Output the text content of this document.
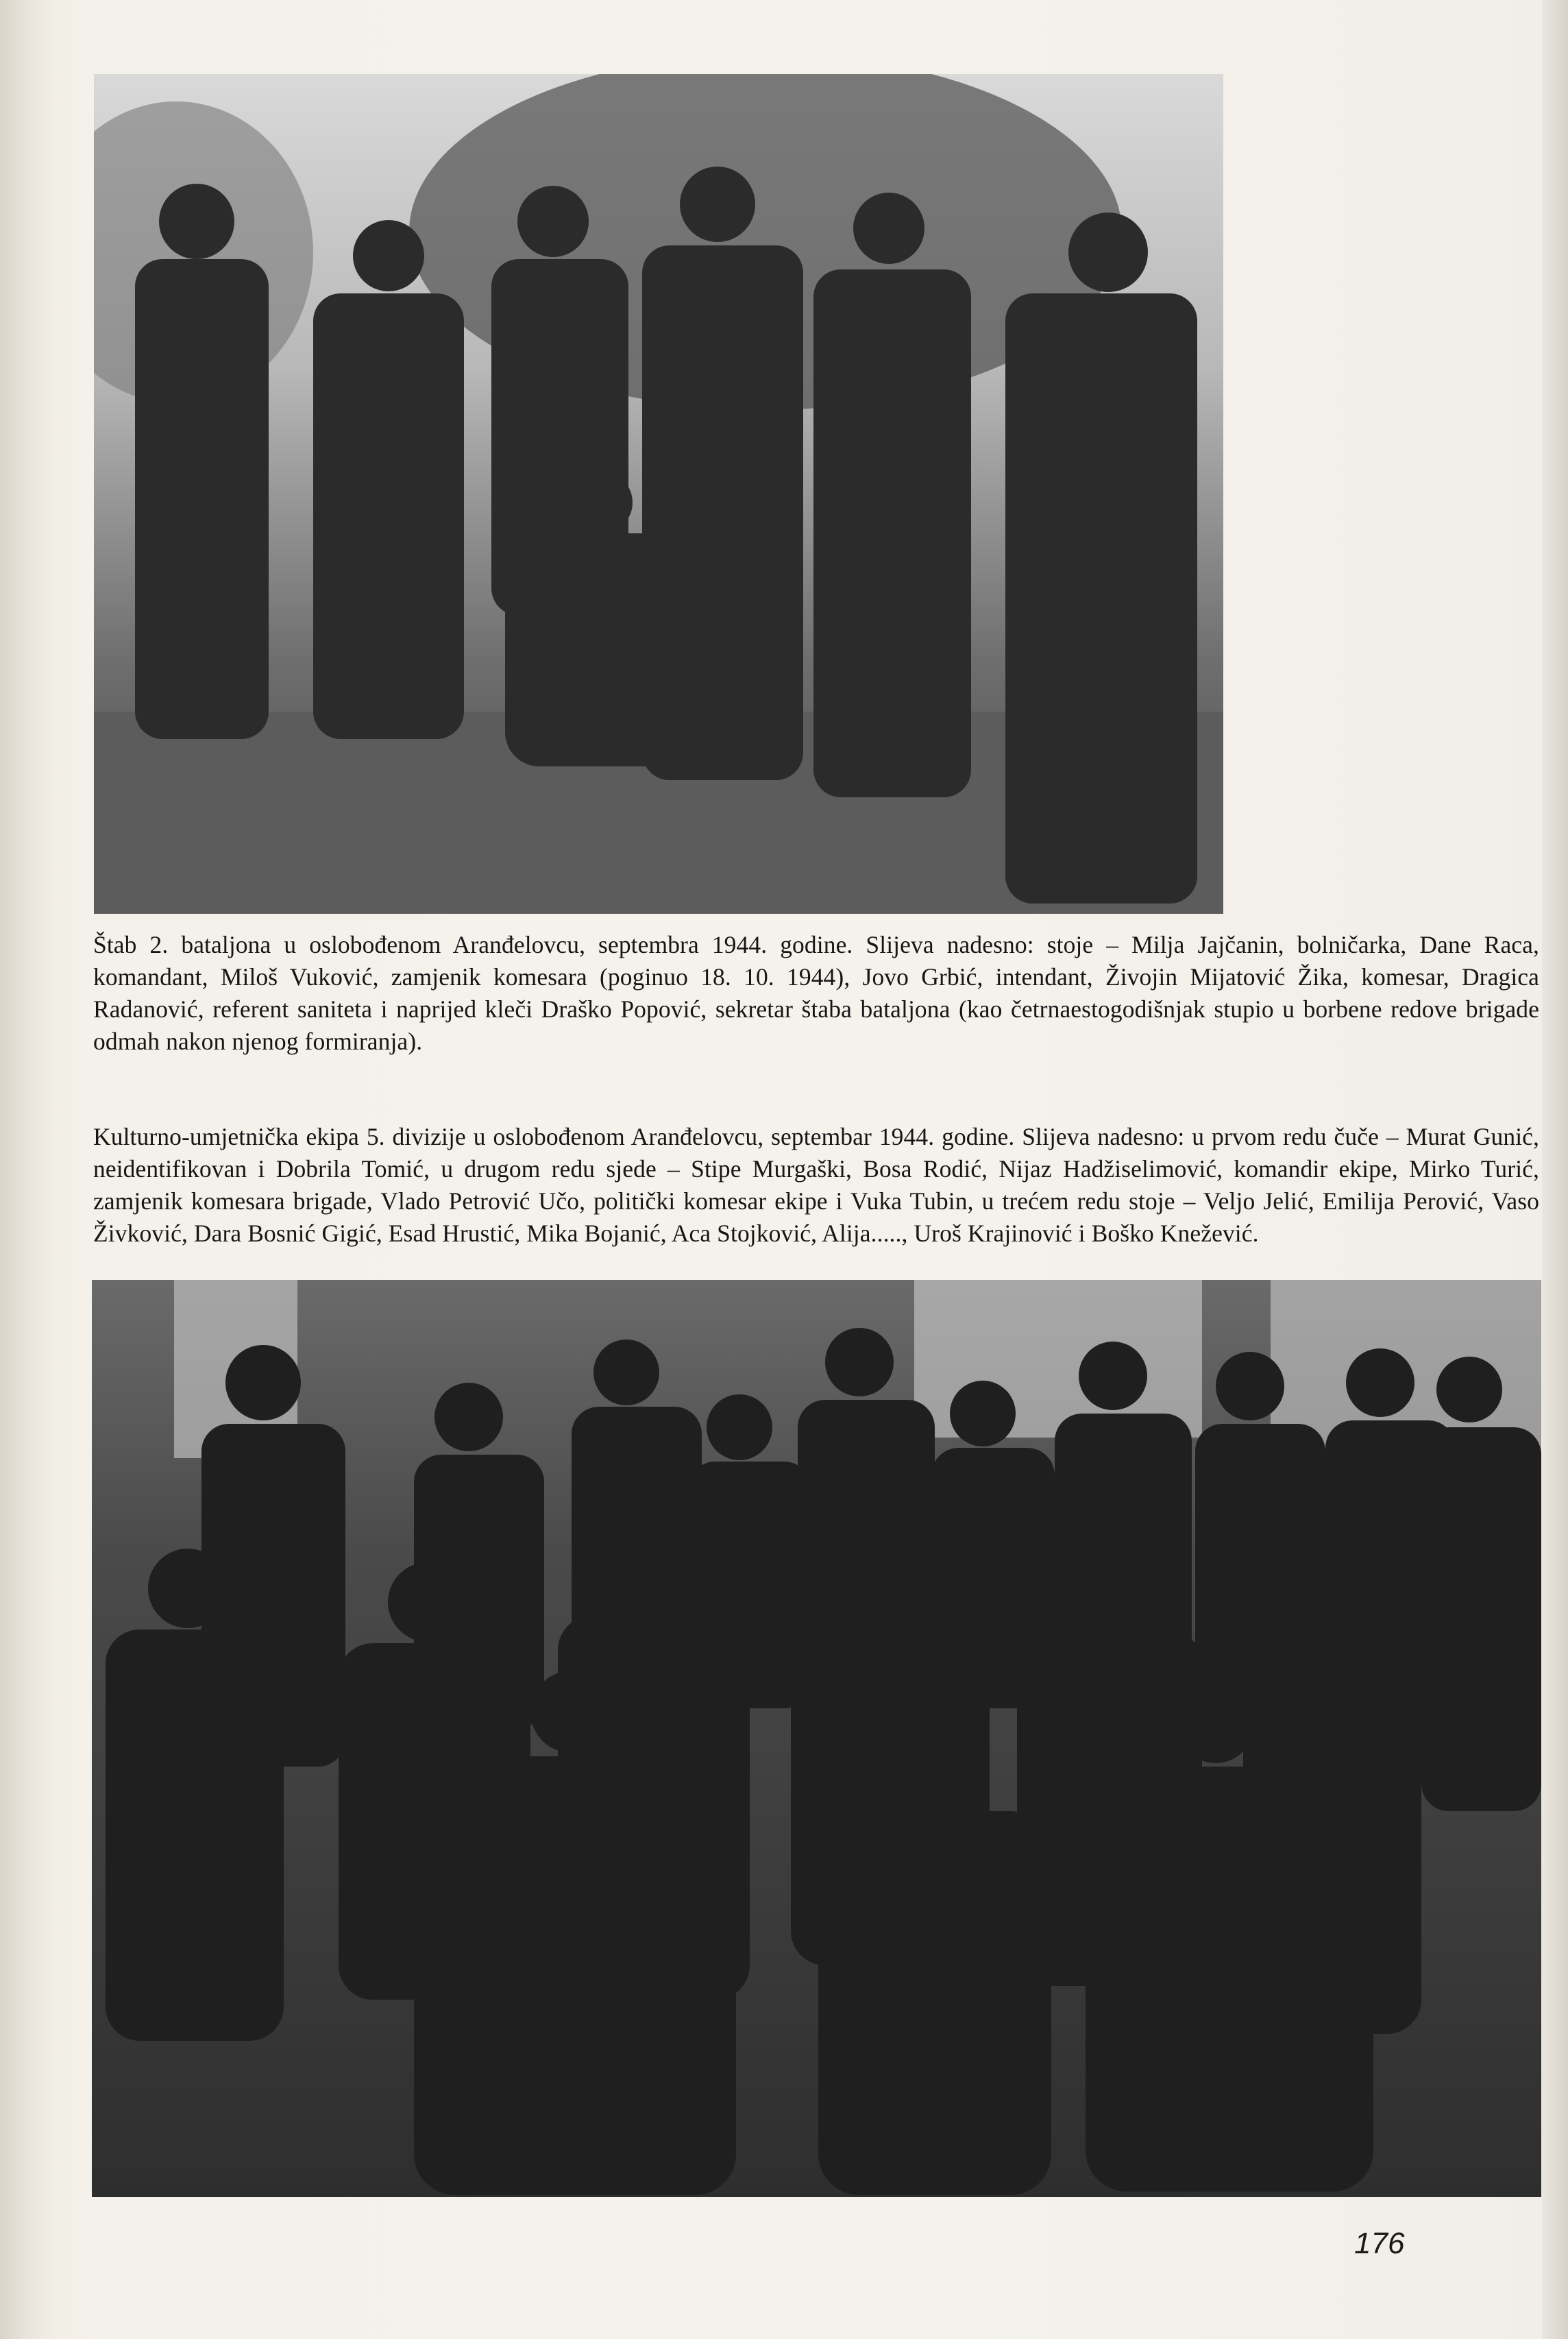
Štab 2. bataljona u oslobođenom Aranđelovcu, septembra 1944. godine. Slijeva nadesno: stoje – Milja Jajčanin, bolničarka, Dane Raca, komandant, Miloš Vuković, zamjenik komesara (poginuo 18. 10. 1944), Jovo Grbić, intendant, Živojin Mijatović Žika, komesar, Dragica Radanović, referent saniteta i naprijed kleči Draško Popović, sekretar štaba bataljona (kao četrnaestogodišnjak stupio u borbene redove brigade odmah nakon njenog formiranja).

Kulturno-umjetnička ekipa 5. divizije u oslobođenom Aranđelovcu, septembar 1944. godine. Slijeva nadesno: u prvom redu čuče – Murat Gunić, neidentifikovan i Dobrila Tomić, u drugom redu sjede – Stipe Murgaški, Bosa Rodić, Nijaz Hadžiselimović, komandir ekipe, Mirko Turić, zamjenik komesara brigade, Vlado Petrović Učo, politički komesar ekipe i Vuka Tubin, u trećem redu stoje – Veljo Jelić, Emilija Perović, Vaso Živković, Dara Bosnić Gigić, Esad Hrustić, Mika Bojanić, Aca Stojković, Alija....., Uroš Krajinović i Boško Knežević.

176
